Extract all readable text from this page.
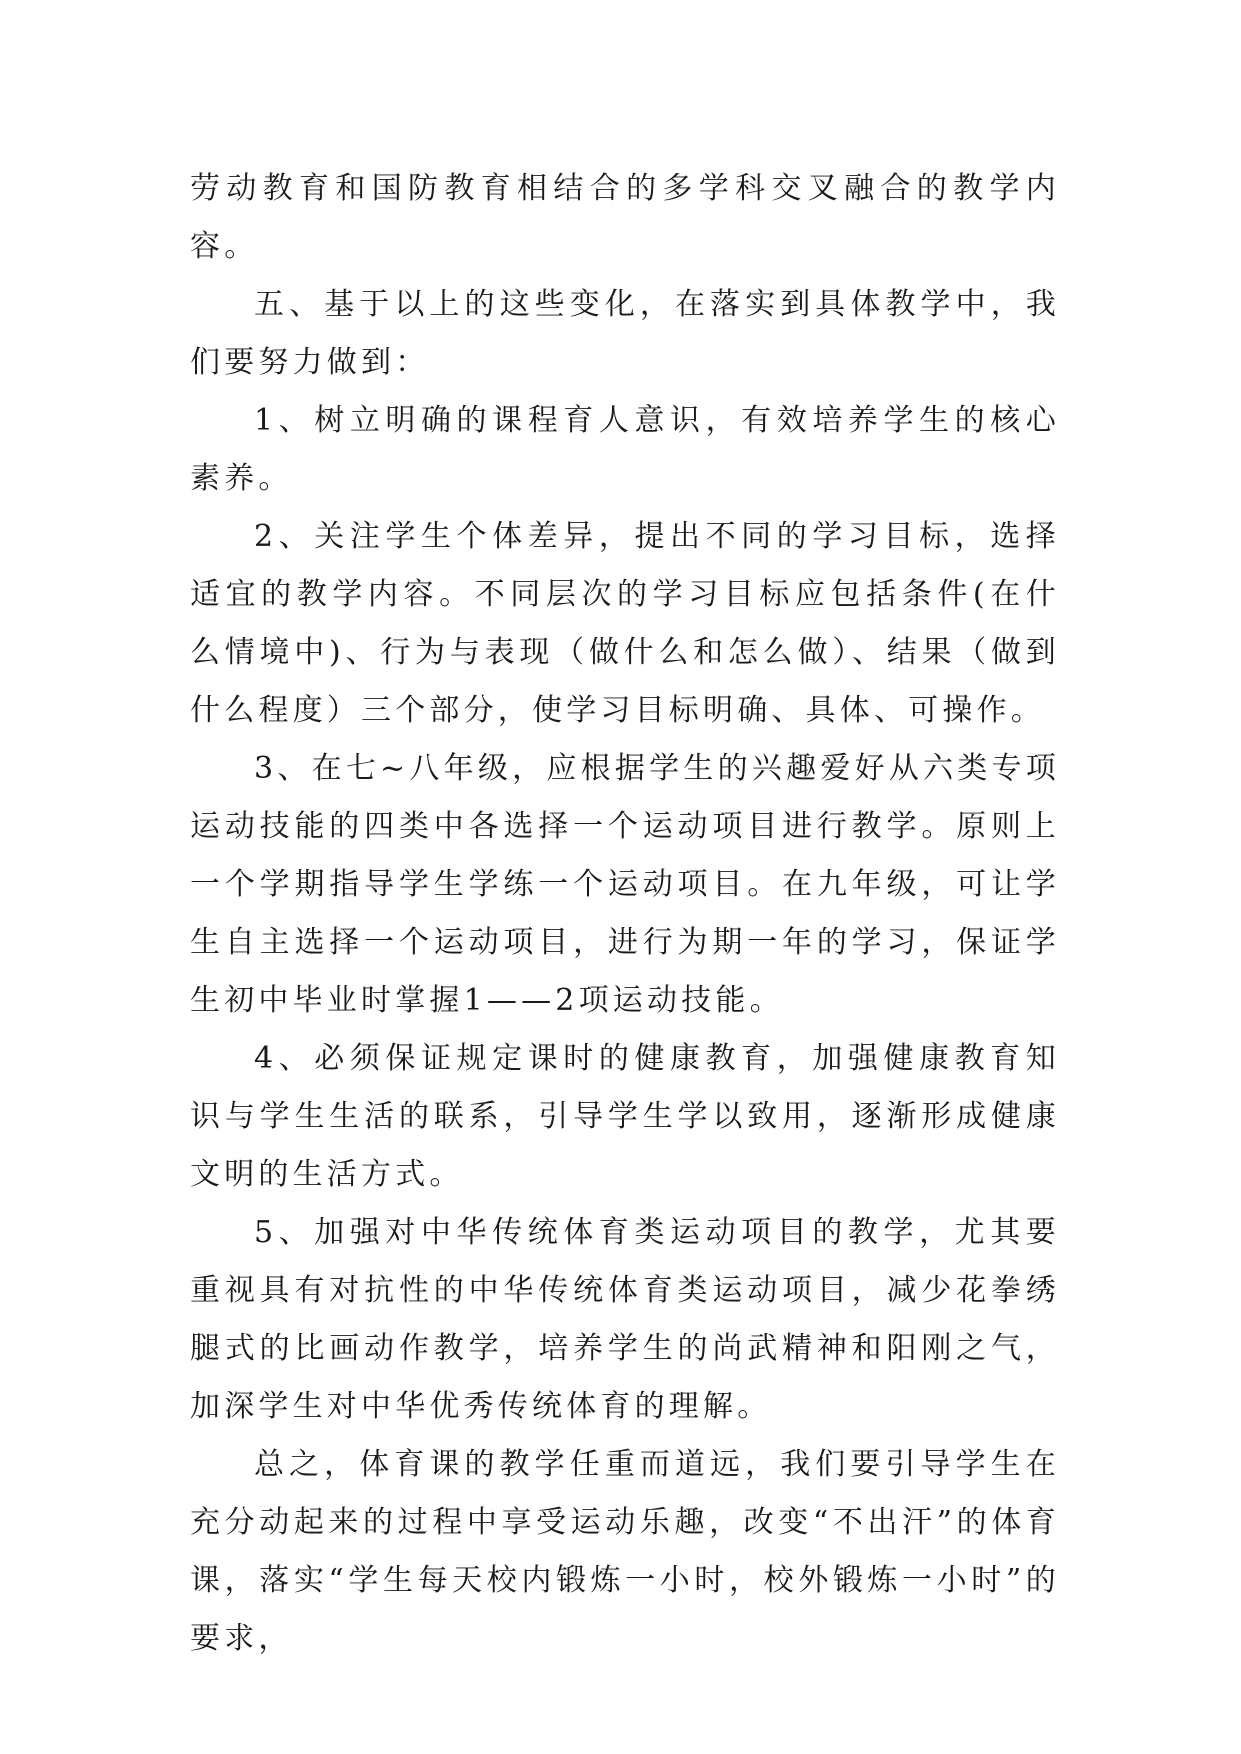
劳动教育和国防教育相结合的多学科交叉融合的教学内容。

五、基于以上的这些变化，在落实到具体教学中，我们要努力做到：

1、树立明确的课程育人意识，有效培养学生的核心素养。

2、关注学生个体差异，提出不同的学习目标，选择适宜的教学内容。不同层次的学习目标应包括条件(在什么情境中)、行为与表现（做什么和怎么做）、结果（做到什么程度）三个部分，使学习目标明确、具体、可操作。

3、在七~八年级，应根据学生的兴趣爱好从六类专项运动技能的四类中各选择一个运动项目进行教学。原则上一个学期指导学生学练一个运动项目。在九年级，可让学生自主选择一个运动项目，进行为期一年的学习，保证学生初中毕业时掌握1——2项运动技能。

4、必须保证规定课时的健康教育，加强健康教育知识与学生生活的联系，引导学生学以致用，逐渐形成健康文明的生活方式。

5、加强对中华传统体育类运动项目的教学，尤其要重视具有对抗性的中华传统体育类运动项目，减少花拳绣腿式的比画动作教学，培养学生的尚武精神和阳刚之气，加深学生对中华优秀传统体育的理解。

总之，体育课的教学任重而道远，我们要引导学生在充分动起来的过程中享受运动乐趣，改变“不出汗”的体育课，落实“学生每天校内锻炼一小时，校外锻炼一小时”的要求，
